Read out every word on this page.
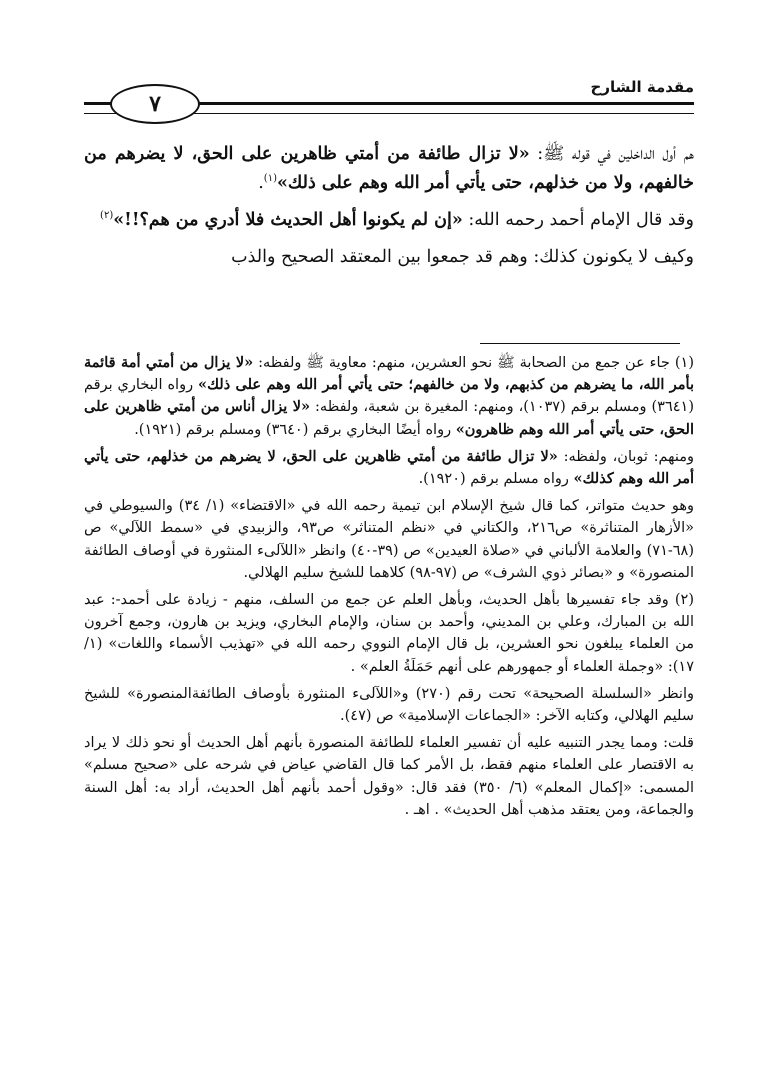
مقدمة الشارح
٧

هم أول الداخلين في قوله ﷺ: «لا تزال طائفة من أمتي ظاهرين على الحق، لا يضرهم من خالفهم، ولا من خذلهم، حتى يأتي أمر الله وهم على ذلك»$^{(١)}$.

وقد قال الإمام أحمد رحمه الله: «إن لم يكونوا أهل الحديث فلا أدري من هم؟!!»$^{(٢)}$

وكيف لا يكونون كذلك: وهم قد جمعوا بين المعتقد الصحيح والذب

(١) جاء عن جمع من الصحابة ﷺ نحو العشرين، منهم: معاوية ﷺ ولفظه: «لا يزال من أمتي أمة قائمة بأمر الله، ما يضرهم من كذبهم، ولا من خالفهم؛ حتى يأتي أمر الله وهم على ذلك» رواه البخاري برقم (٣٦٤١) ومسلم برقم (١٠٣٧)، ومنهم: المغيرة بن شعبة، ولفظه: «لا يزال أناس من أمتي ظاهرين على الحق، حتى يأتي أمر الله وهم ظاهرون» رواه أيضًا البخاري برقم (٣٦٤٠) ومسلم برقم (١٩٢١).

ومنهم: ثوبان، ولفظه: «لا تزال طائفة من أمتي ظاهرين على الحق، لا يضرهم من خذلهم، حتى يأتي أمر الله وهم كذلك» رواه مسلم برقم (١٩٢٠).

وهو حديث متواتر، كما قال شيخ الإسلام ابن تيمية رحمه الله في «الاقتضاء» (١/ ٣٤) والسيوطي في «الأزهار المتناثرة» ص٢١٦، والكتاني في «نظم المتناثر» ص٩٣، والزبيدي في «سمط اللآلي» ص (٦٨-٧١) والعلامة الألباني في «صلاة العيدين» ص (٣٩-٤٠) وانظر «اللآلىء المنثورة في أوصاف الطائفة المنصورة» و «بصائر ذوي الشرف» ص (٩٧-٩٨) كلاهما للشيخ سليم الهلالي.

(٢) وقد جاء تفسيرها بأهل الحديث، وبأهل العلم عن جمع من السلف، منهم - زيادة على أحمد-: عبد الله بن المبارك، وعلي بن المديني، وأحمد بن سنان، والإمام البخاري، ويزيد بن هارون، وجمع آخرون من العلماء يبلغون نحو العشرين، بل قال الإمام النووي رحمه الله في «تهذيب الأسماء واللغات» (١/ ١٧): «وجملة العلماء أو جمهورهم على أنهم حَمَلَةُ العلم» .

وانظر «السلسلة الصحيحة» تحت رقم (٢٧٠) و«اللآلىء المنثورة بأوصاف الطائفةالمنصورة» للشيخ سليم الهلالي، وكتابه الآخر: «الجماعات الإسلامية» ص (٤٧).

قلت: ومما يجدر التنبيه عليه أن تفسير العلماء للطائفة المنصورة بأنهم أهل الحديث أو نحو ذلك لا يراد به الاقتصار على العلماء منهم فقط، بل الأمر كما قال القاضي عياض في شرحه على «صحيح مسلم» المسمى: «إكمال المعلم» (٦/ ٣٥٠) فقد قال: «وقول أحمد بأنهم أهل الحديث، أراد به: أهل السنة والجماعة، ومن يعتقد مذهب أهل الحديث» . اهـ .
